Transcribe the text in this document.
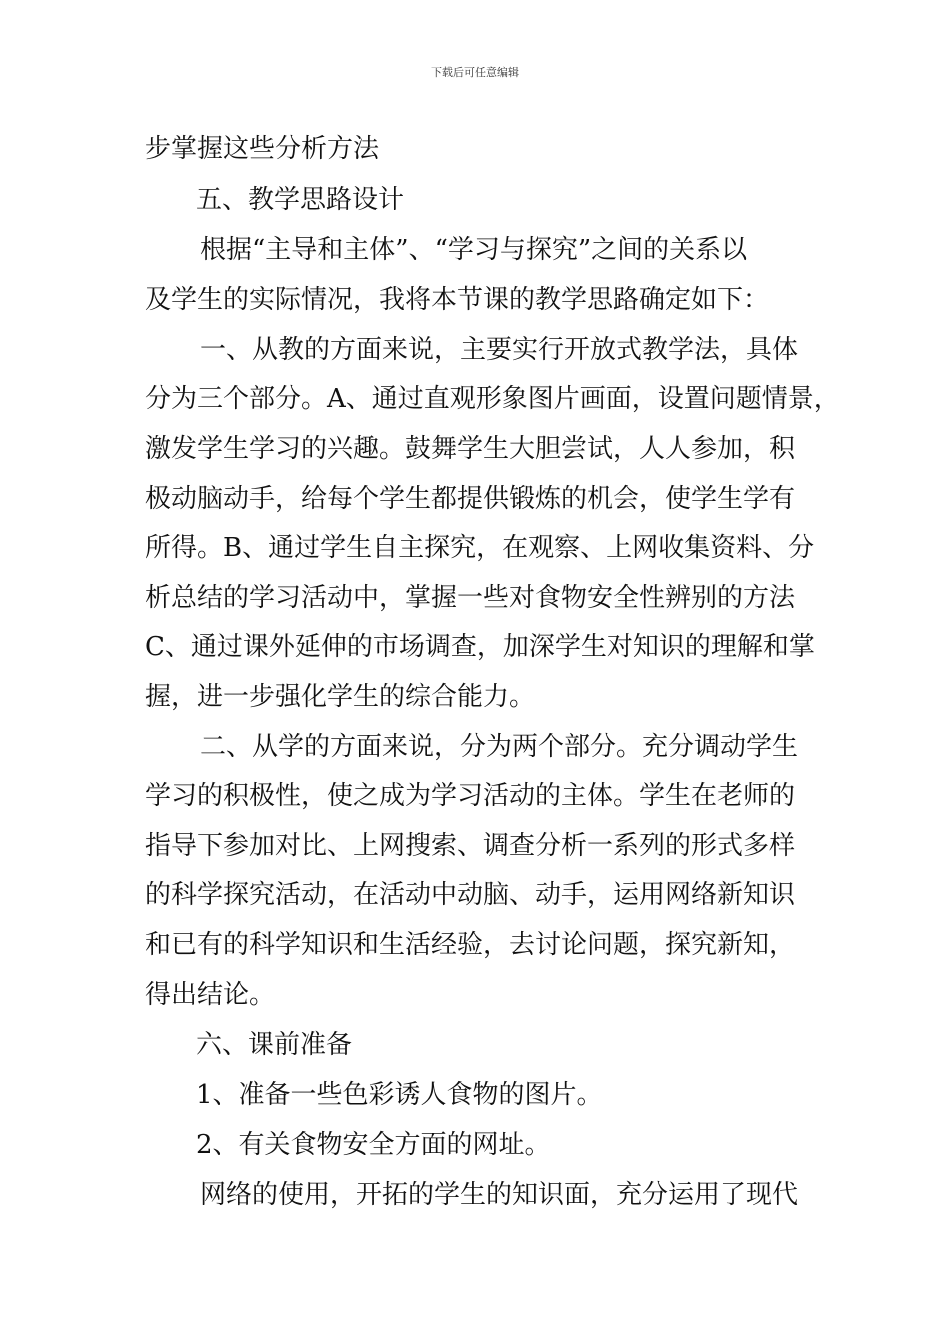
下载后可任意编辑
步掌握这些分析方法
五、教学思路设计
根据“主导和主体”、“学习与探究”之间的关系以
及学生的实际情况，我将本节课的教学思路确定如下：
一、从教的方面来说，主要实行开放式教学法，具体
分为三个部分。A、通过直观形象图片画面，设置问题情景，
激发学生学习的兴趣。鼓舞学生大胆尝试，人人参加，积
极动脑动手，给每个学生都提供锻炼的机会，使学生学有
所得。B、通过学生自主探究，在观察、上网收集资料、分
析总结的学习活动中，掌握一些对食物安全性辨别的方法
C、通过课外延伸的市场调查，加深学生对知识的理解和掌
握，进一步强化学生的综合能力。
二、从学的方面来说，分为两个部分。充分调动学生
学习的积极性，使之成为学习活动的主体。学生在老师的
指导下参加对比、上网搜索、调查分析一系列的形式多样
的科学探究活动，在活动中动脑、动手，运用网络新知识
和已有的科学知识和生活经验，去讨论问题，探究新知，
得出结论。
六、课前准备
1、准备一些色彩诱人食物的图片。
2、有关食物安全方面的网址。
网络的使用，开拓的学生的知识面，充分运用了现代
